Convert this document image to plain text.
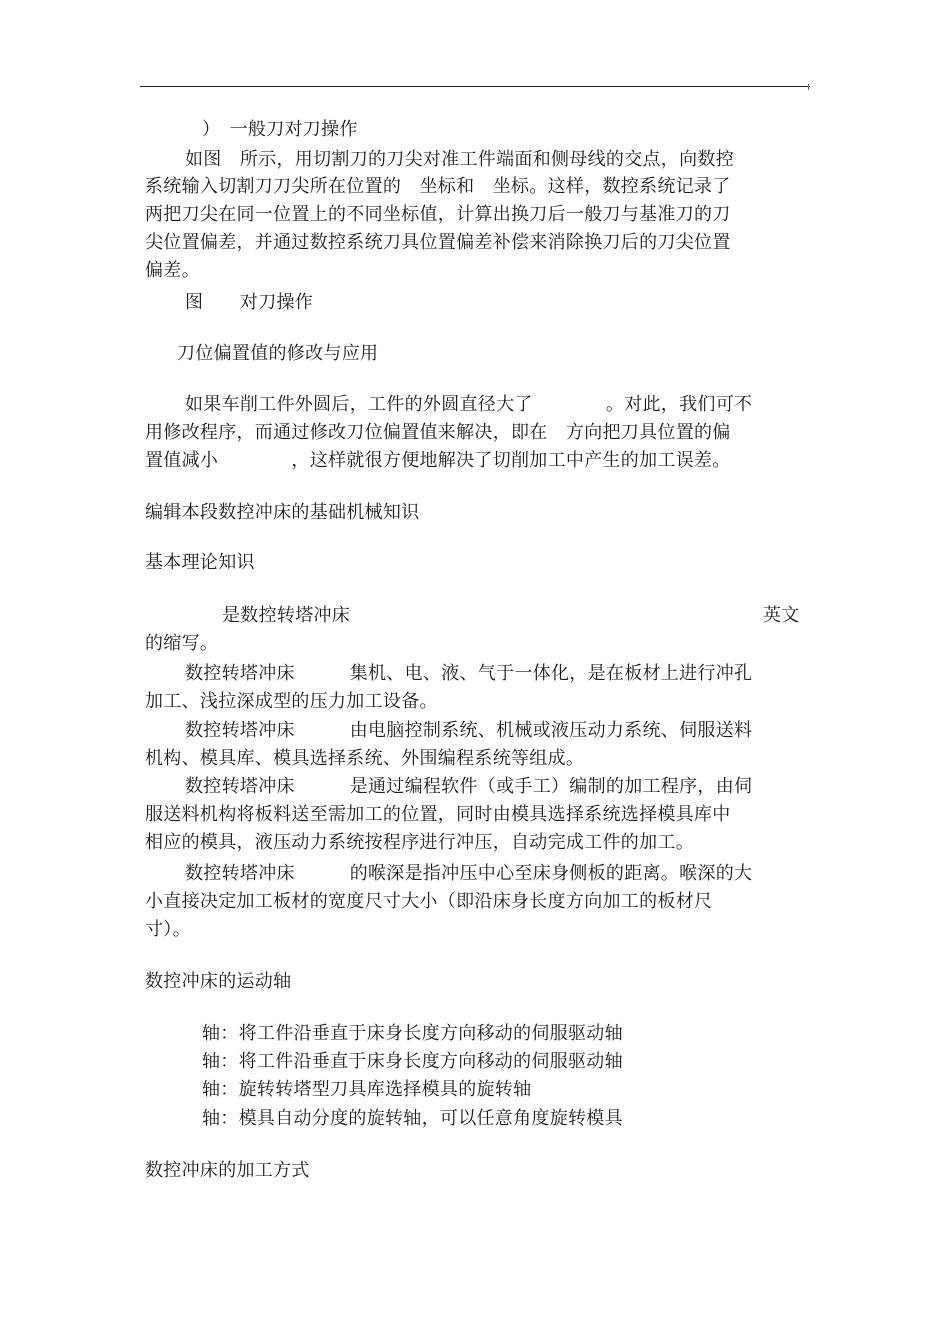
）　一般刀对刀操作
如图　所示，用切割刀的刀尖对准工件端面和侧母线的交点，向数控
系统输入切割刀刀尖所在位置的　坐标和　坐标。这样，数控系统记录了
两把刀尖在同一位置上的不同坐标值，计算出换刀后一般刀与基准刀的刀
尖位置偏差，并通过数控系统刀具位置偏差补偿来消除换刀后的刀尖位置
偏差。
图　　对刀操作
刀位偏置值的修改与应用
如果车削工件外圆后，工件的外圆直径大了　　　　。对此，我们可不
用修改程序，而通过修改刀位偏置值来解决，即在　方向把刀具位置的偏
置值减小　　　　，这样就很方便地解决了切削加工中产生的加工误差。
编辑本段数控冲床的基础机械知识
基本理论知识
是数控转塔冲床	英文
的缩写。
数控转塔冲床　　　集机、电、液、气于一体化，是在板材上进行冲孔
加工、浅拉深成型的压力加工设备。
数控转塔冲床　　　由电脑控制系统、机械或液压动力系统、伺服送料
机构、模具库、模具选择系统、外围编程系统等组成。
数控转塔冲床　　　是通过编程软件（或手工）编制的加工程序，由伺
服送料机构将板料送至需加工的位置，同时由模具选择系统选择模具库中
相应的模具，液压动力系统按程序进行冲压，自动完成工件的加工。
数控转塔冲床　　　的喉深是指冲压中心至床身侧板的距离。喉深的大
小直接决定加工板材的宽度尺寸大小（即沿床身长度方向加工的板材尺
寸）。
数控冲床的运动轴
轴：将工件沿垂直于床身长度方向移动的伺服驱动轴
轴：将工件沿垂直于床身长度方向移动的伺服驱动轴
轴：旋转转塔型刀具库选择模具的旋转轴
轴：模具自动分度的旋转轴，可以任意角度旋转模具
数控冲床的加工方式
